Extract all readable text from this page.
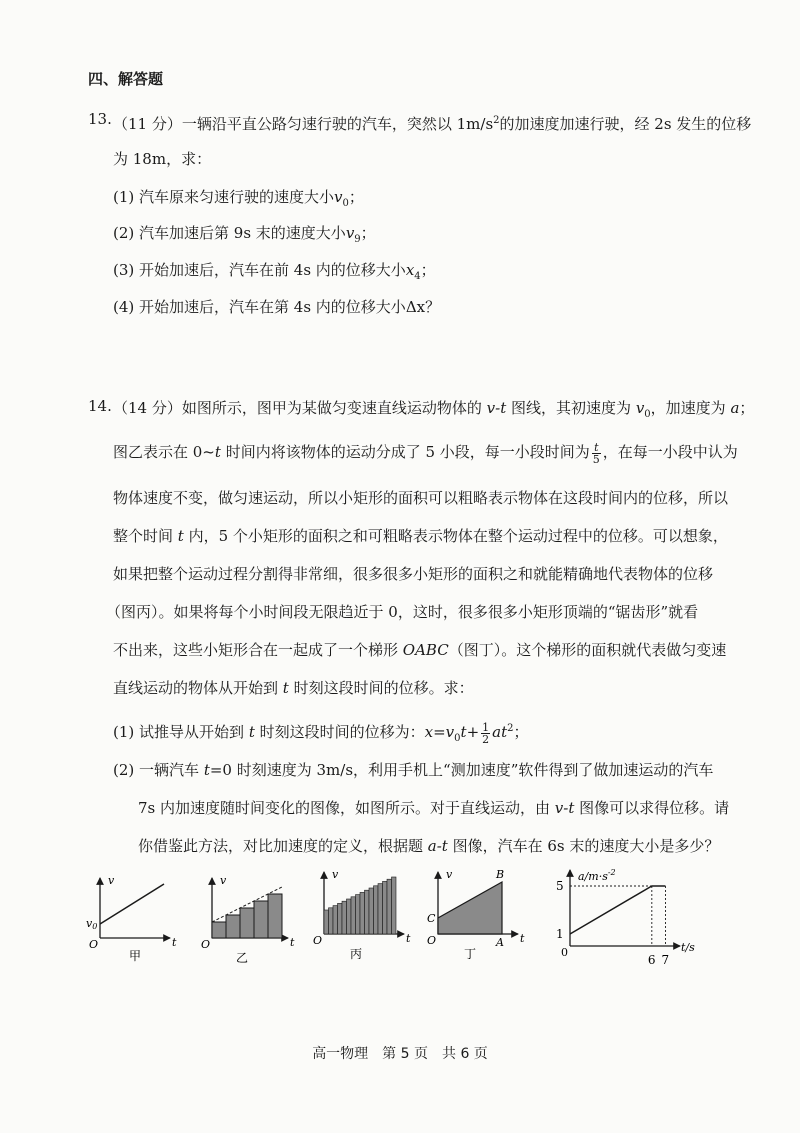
四、解答题
13. （11 分）一辆沿平直公路匀速行驶的汽车，突然以 $1m/s^2$的加速度加速行驶，经 2s 发生的位移
为 18m，求：
(1) 汽车原来匀速行驶的速度大小$v_0$；
(2) 汽车加速后第 9s 末的速度大小$v_9$；
(3) 开始加速后，汽车在前 4s 内的位移大小$x_4$；
(4) 开始加速后，汽车在第 4s 内的位移大小Δx？
14. （14 分）如图所示，图甲为某做匀变速直线运动物体的 v-t 图线，其初速度为 $v_0$，加速度为 a；
图乙表示在 0~t 时间内将该物体的运动分成了 5 小段，每一小段时间为 $\frac{t}{5}$ ，在每一小段中认为
物体速度不变，做匀速运动，所以小矩形的面积可以粗略表示物体在这段时间内的位移，所以
整个时间 t 内，5 个小矩形的面积之和可粗略表示物体在整个运动过程中的位移。可以想象，
如果把整个运动过程分割得非常细，很多很多小矩形的面积之和就能精确地代表物体的位移
（图丙）。如果将每个小时间段无限趋近于 0，这时，很多很多小矩形顶端的“锯齿形”就看
不出来，这些小矩形合在一起成了一个梯形 OABC（图丁）。这个梯形的面积就代表做匀变速
直线运动的物体从开始到 t 时刻这段时间的位移。求：
(1) 试推导从开始到 t 时刻这段时间的位移为：$x=v_0t+ \frac{1}{2} at^2$；
(2) 一辆汽车 t=0 时刻速度为 3m/s，利用手机上“测加速度”软件得到了做加速运动的汽车
7s 内加速度随时间变化的图像，如图所示。对于直线运动，由 v-t 图像可以求得位移。请
你借鉴此方法，对比加速度的定义，根据题 a-t 图像，汽车在 6s 末的速度大小是多少？
v
t
O
v0
甲
v
t
O
乙
v
t
O
丙
O	t
v
C
B
A
丁	6 7
1
5
$a/m\cdot s^{-2}$
t/s
0
高一物理　第 5 页　共 6 页
